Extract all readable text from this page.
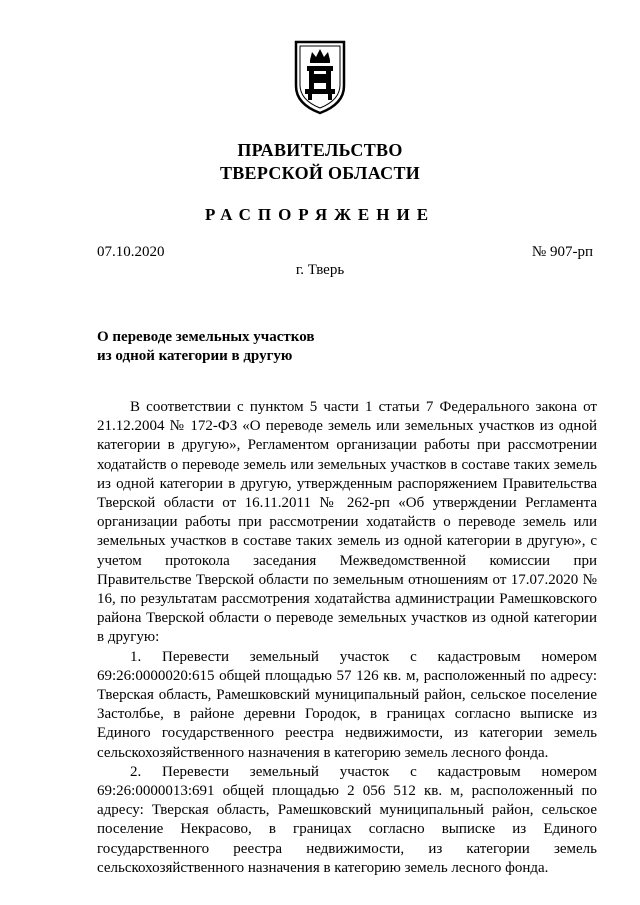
ПРАВИТЕЛЬСТВО
ТВЕРСКОЙ ОБЛАСТИ
РАСПОРЯЖЕНИЕ
07.10.2020	№ 907-рп
г. Тверь
О переводе земельных участков
из одной категории в другую

В соответствии с пунктом 5 части 1 статьи 7 Федерального закона от 21.12.2004 № 172-ФЗ «О переводе земель или земельных участков из одной категории в другую», Регламентом организации работы при рассмотрении ходатайств о переводе земель или земельных участков в составе таких земель из одной категории в другую, утвержденным распоряжением Правительства Тверской области от 16.11.2011 № 262-рп «Об утверждении Регламента организации работы при рассмотрении ходатайств о переводе земель или земельных участков в составе таких земель из одной категории в другую», с учетом протокола заседания Межведомственной комиссии при Правительстве Тверской области по земельным отношениям от 17.07.2020 № 16, по результатам рассмотрения ходатайства администрации Рамешковского района Тверской области о переводе земельных участков из одной категории в другую:

1. Перевести земельный участок с кадастровым номером 69:26:0000020:615 общей площадью 57 126 кв. м, расположенный по адресу: Тверская область, Рамешковский муниципальный район, сельское поселение Застолбье, в районе деревни Городок, в границах согласно выписке из Единого государственного реестра недвижимости, из категории земель сельскохозяйственного назначения в категорию земель лесного фонда.

2. Перевести земельный участок с кадастровым номером 69:26:0000013:691 общей площадью 2 056 512 кв. м, расположенный по адресу: Тверская область, Рамешковский муниципальный район, сельское поселение Некрасово, в границах согласно выписке из Единого государственного реестра недвижимости, из категории земель сельскохозяйственного назначения в категорию земель лесного фонда.
